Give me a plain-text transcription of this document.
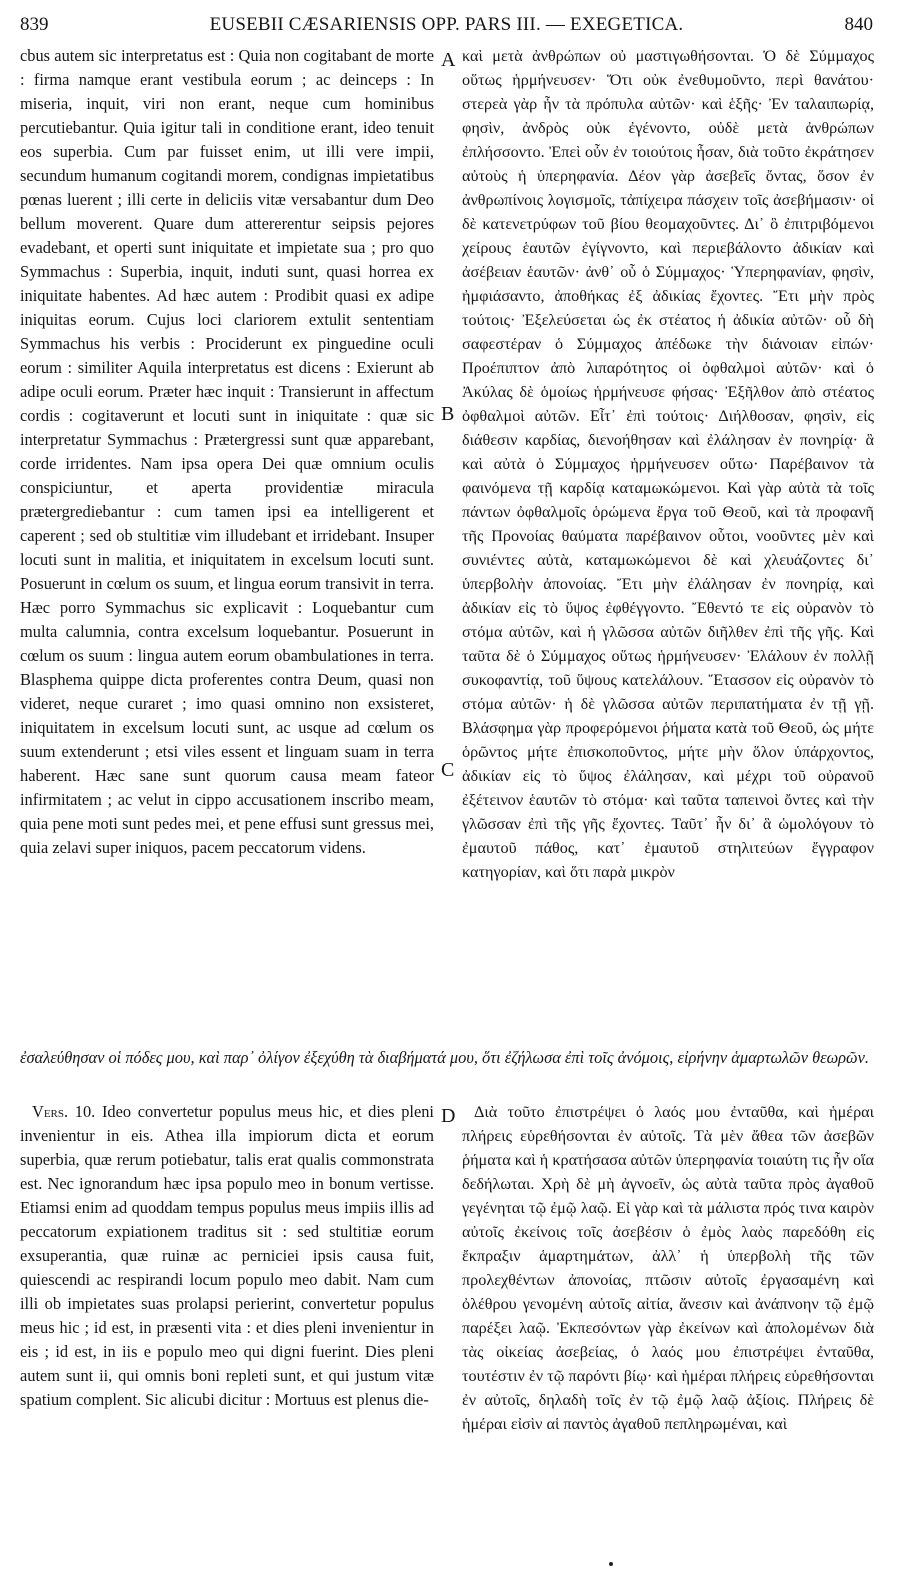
839	EUSEBII CÆSARIENSIS OPP. PARS III. — EXEGETICA.	840

cbus autem sic interpretatus est : Quia non cogitabant de morte : firma namque erant vestibula eorum ; ac deinceps : In miseria, inquit, viri non erant, neque cum hominibus percutiebantur. Quia igitur tali in conditione erant, ideo tenuit eos superbia. Cum par fuisset enim, ut illi vere impii, secundum humanum cogitandi morem, condignas impietatibus pœnas luerent ; illi certe in deliciis vitæ versabantur dum Deo bellum moverent. Quare dum attererentur seipsis pejores evadebant, et operti sunt iniquitate et impietate sua ; pro quo Symmachus : Superbia, inquit, induti sunt, quasi horrea ex iniquitate habentes. Ad hæc autem : Prodibit quasi ex adipe iniquitas eorum. Cujus loci clariorem extulit sententiam Symmachus his verbis : Prociderunt ex pinguedine oculi eorum : similiter Aquila interpretatus est dicens : Exierunt ab adipe oculi eorum. Præter hæc inquit : Transierunt in affectum cordis : cogitaverunt et locuti sunt in iniquitate : quæ sic interpretatur Symmachus : Prætergressi sunt quæ apparebant, corde irridentes. Nam ipsa opera Dei quæ omnium oculis conspiciuntur, et aperta providentiæ miracula prætergrediebantur : cum tamen ipsi ea intelligerent et caperent ; sed ob stultitiæ vim illudebant et irridebant. Insuper locuti sunt in malitia, et iniquitatem in excelsum locuti sunt. Posuerunt in cœlum os suum, et lingua eorum transivit in terra. Hæc porro Symmachus sic explicavit : Loquebantur cum multa calumnia, contra excelsum loquebantur. Posuerunt in cœlum os suum : lingua autem eorum obambulationes in terra. Blasphema quippe dicta proferentes contra Deum, quasi non videret, neque curaret ; imo quasi omnino non exsisteret, iniquitatem in excelsum locuti sunt, ac usque ad cœlum os suum extenderunt ; etsi viles essent et linguam suam in terra haberent. Hæc sane sunt quorum causa meam fateor infirmitatem ; ac velut in cippo accusationem inscribo meam, quia pene moti sunt pedes mei, et pene effusi sunt gressus mei, quia zelavi super iniquos, pacem peccatorum videns.

A
B
C

καὶ μετὰ ἀνθρώπων οὐ μαστιγωθήσονται. Ὁ δὲ Σύμμαχος οὕτως ἡρμήνευσεν· Ὅτι οὐκ ἐνεθυμοῦντο, περὶ θανάτου· στερεὰ γὰρ ἦν τὰ πρόπυλα αὐτῶν· καὶ ἑξῆς· Ἐν ταλαιπωρίᾳ, φησὶν, ἀνδρὸς οὐκ ἐγένοντο, οὐδὲ μετὰ ἀνθρώπων ἐπλήσσοντο. Ἐπεὶ οὖν ἐν τοιούτοις ἦσαν, διὰ τοῦτο ἐκράτησεν αὐτοὺς ἡ ὑπερηφανία. Δέον γὰρ ἀσεβεῖς ὄντας, ὅσον ἐν ἀνθρωπίνοις λογισμοῖς, τἀπίχειρα πάσχειν τοῖς ἀσεβήμασιν· οἱ δὲ κατενετρύφων τοῦ βίου θεομαχοῦντες. Δι᾽ ὃ ἐπιτριβόμενοι χείρους ἑαυτῶν ἐγίγνοντο, καὶ περιεβάλοντο ἀδικίαν καὶ ἀσέβειαν ἑαυτῶν· ἀνθ᾽ οὗ ὁ Σύμμαχος· Ὑπερηφανίαν, φησὶν, ἠμφιάσαντο, ἀποθήκας ἐξ ἀδικίας ἔχοντες. Ἔτι μὴν πρὸς τούτοις· Ἐξελεύσεται ὡς ἐκ στέατος ἡ ἀδικία αὐτῶν· οὗ δὴ σαφεστέραν ὁ Σύμμαχος ἀπέδωκε τὴν διάνοιαν εἰπών· Προέπιπτον ἀπὸ λιπαρότητος οἱ ὀφθαλμοὶ αὐτῶν· καὶ ὁ Ἀκύλας δὲ ὁμοίως ἡρμήνευσε φήσας· Ἐξῆλθον ἀπὸ στέατος ὀφθαλμοὶ αὐτῶν. Εἶτ᾽ ἐπὶ τούτοις· Διήλθοσαν, φησὶν, εἰς διάθεσιν καρδίας, διενοήθησαν καὶ ἐλάλησαν ἐν πονηρίᾳ· ἃ καὶ αὐτὰ ὁ Σύμμαχος ἡρμήνευσεν οὕτω· Παρέβαινον τὰ φαινόμενα τῇ καρδίᾳ καταμωκώμενοι. Καὶ γὰρ αὐτὰ τὰ τοῖς πάντων ὀφθαλμοῖς ὁρώμενα ἔργα τοῦ Θεοῦ, καὶ τὰ προφανῆ τῆς Προνοίας θαύματα παρέβαινον οὗτοι, νοοῦντες μὲν καὶ συνιέντες αὐτὰ, καταμωκώμενοι δὲ καὶ χλευάζοντες δι᾽ ὑπερβολὴν ἀπονοίας. Ἔτι μὴν ἐλάλησαν ἐν πονηρίᾳ, καὶ ἀδικίαν εἰς τὸ ὕψος ἐφθέγγοντο. Ἔθεντό τε εἰς οὐρανὸν τὸ στόμα αὐτῶν, καὶ ἡ γλῶσσα αὐτῶν διῆλθεν ἐπὶ τῆς γῆς. Καὶ ταῦτα δὲ ὁ Σύμμαχος οὕτως ἡρμήνευσεν· Ἐλάλουν ἐν πολλῇ συκοφαντίᾳ, τοῦ ὕψους κατελάλουν. Ἔτασσον εἰς οὐρανὸν τὸ στόμα αὐτῶν· ἡ δὲ γλῶσσα αὐτῶν περιπατήματα ἐν τῇ γῇ. Βλάσφημα γὰρ προφερόμενοι ῥήματα κατὰ τοῦ Θεοῦ, ὡς μήτε ὁρῶντος μήτε ἐπισκοποῦντος, μήτε μὴν ὅλον ὑπάρχοντος, ἀδικίαν εἰς τὸ ὕψος ἐλάλησαν, καὶ μέχρι τοῦ οὐρανοῦ ἐξέτεινον ἑαυτῶν τὸ στόμα· καὶ ταῦτα ταπεινοὶ ὄντες καὶ τὴν γλῶσσαν ἐπὶ τῆς γῆς ἔχοντες. Ταῦτ᾽ ἦν δι᾽ ἃ ὡμολόγουν τὸ ἐμαυτοῦ πάθος, κατ᾽ ἐμαυτοῦ στηλιτεύων ἔγγραφον κατηγορίαν, καὶ ὅτι παρὰ μικρὸν

ἐσαλεύθησαν οἱ πόδες μου, καὶ παρ᾽ ὀλίγον ἐξεχύθη τὰ διαβήματά μου, ὅτι ἐζήλωσα ἐπὶ τοῖς ἀνόμοις, εἰρήνην ἁμαρτωλῶν θεωρῶν.

Vers. 10. Ideo convertetur populus meus hic, et dies pleni invenientur in eis. Athea illa impiorum dicta et eorum superbia, quæ rerum potiebatur, talis erat qualis commonstrata est. Nec ignorandum hæc ipsa populo meo in bonum vertisse. Etiamsi enim ad quoddam tempus populus meus impiis illis ad peccatorum expiationem traditus sit : sed stultitiæ eorum exsuperantia, quæ ruinæ ac perniciei ipsis causa fuit, quiescendi ac respirandi locum populo meo dabit. Nam cum illi ob impietates suas prolapsi perierint, convertetur populus meus hic ; id est, in præsenti vita : et dies pleni invenientur in eis ; id est, in iis e populo meo qui digni fuerint. Dies pleni autem sunt ii, qui omnis boni repleti sunt, et qui justum vitæ spatium complent. Sic alicubi dicitur : Mortuus est plenus die-

D	Διὰ τοῦτο ἐπιστρέψει ὁ λαός μου ἐνταῦθα, καὶ ἡμέραι πλήρεις εὑρεθήσονται ἐν αὐτοῖς. Τὰ μὲν ἄθεα τῶν ἀσεβῶν ῥήματα καὶ ἡ κρατήσασα αὐτῶν ὑπερηφανία τοιαύτη τις ἦν οἵα δεδήλωται. Χρὴ δὲ μὴ ἀγνοεῖν, ὡς αὐτὰ ταῦτα πρὸς ἀγαθοῦ γεγένηται τῷ ἐμῷ λαῷ. Εἰ γὰρ καὶ τὰ μάλιστα πρός τινα καιρὸν αὐτοῖς ἐκείνοις τοῖς ἀσεβέσιν ὁ ἐμὸς λαὸς παρεδόθη εἰς ἔκπραξιν ἁμαρτημάτων, ἀλλ᾽ ἡ ὑπερβολὴ τῆς τῶν προλεχθέντων ἀπονοίας, πτῶσιν αὐτοῖς ἐργασαμένη καὶ ὀλέθρου γενομένη αὐτοῖς αἰτία, ἄνεσιν καὶ ἀνάπνοην τῷ ἐμῷ παρέξει λαῷ. Ἐκπεσόντων γὰρ ἐκείνων καὶ ἀπολομένων διὰ τὰς οἰκείας ἀσεβείας, ὁ λαός μου ἐπιστρέψει ἐνταῦθα, τουτέστιν ἐν τῷ παρόντι βίῳ· καὶ ἡμέραι πλήρεις εὑρεθήσονται ἐν αὐτοῖς, δηλαδὴ τοῖς ἐν τῷ ἐμῷ λαῷ ἀξίοις. Πλήρεις δὲ ἡμέραι εἰσὶν αἱ παντὸς ἀγαθοῦ πεπληρωμέναι, καὶ
